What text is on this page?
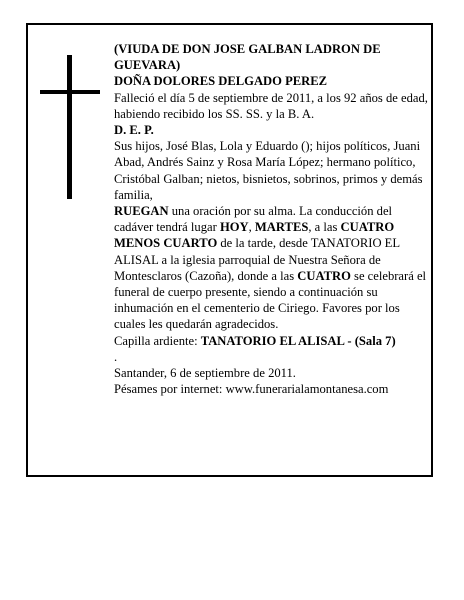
(VIUDA DE DON JOSE GALBAN LADRON DE GUEVARA)

DOÑA DOLORES DELGADO PEREZ

Falleció el día 5 de septiembre de 2011, a los 92 años de edad, habiendo recibido los SS. SS. y la B. A.

D. E. P.

Sus hijos, José Blas, Lola y Eduardo (); hijos políticos, Juani Abad, Andrés Sainz y Rosa María López; hermano político, Cristóbal Galban; nietos, bisnietos, sobrinos, primos y demás familia,

RUEGAN una oración por su alma. La conducción del cadáver tendrá lugar HOY, MARTES, a las CUATRO MENOS CUARTO de la tarde, desde TANATORIO EL ALISAL a la iglesia parroquial de Nuestra Señora de Montesclaros (Cazoña), donde a las CUATRO se celebrará el funeral de cuerpo presente, siendo a continuación su inhumación en el cementerio de Ciriego. Favores por los cuales les quedarán agradecidos.

Capilla ardiente: TANATORIO EL ALISAL - (Sala 7)
.

Santander, 6 de septiembre de 2011.

Pésames por internet: www.funerarialamontanesa.com
